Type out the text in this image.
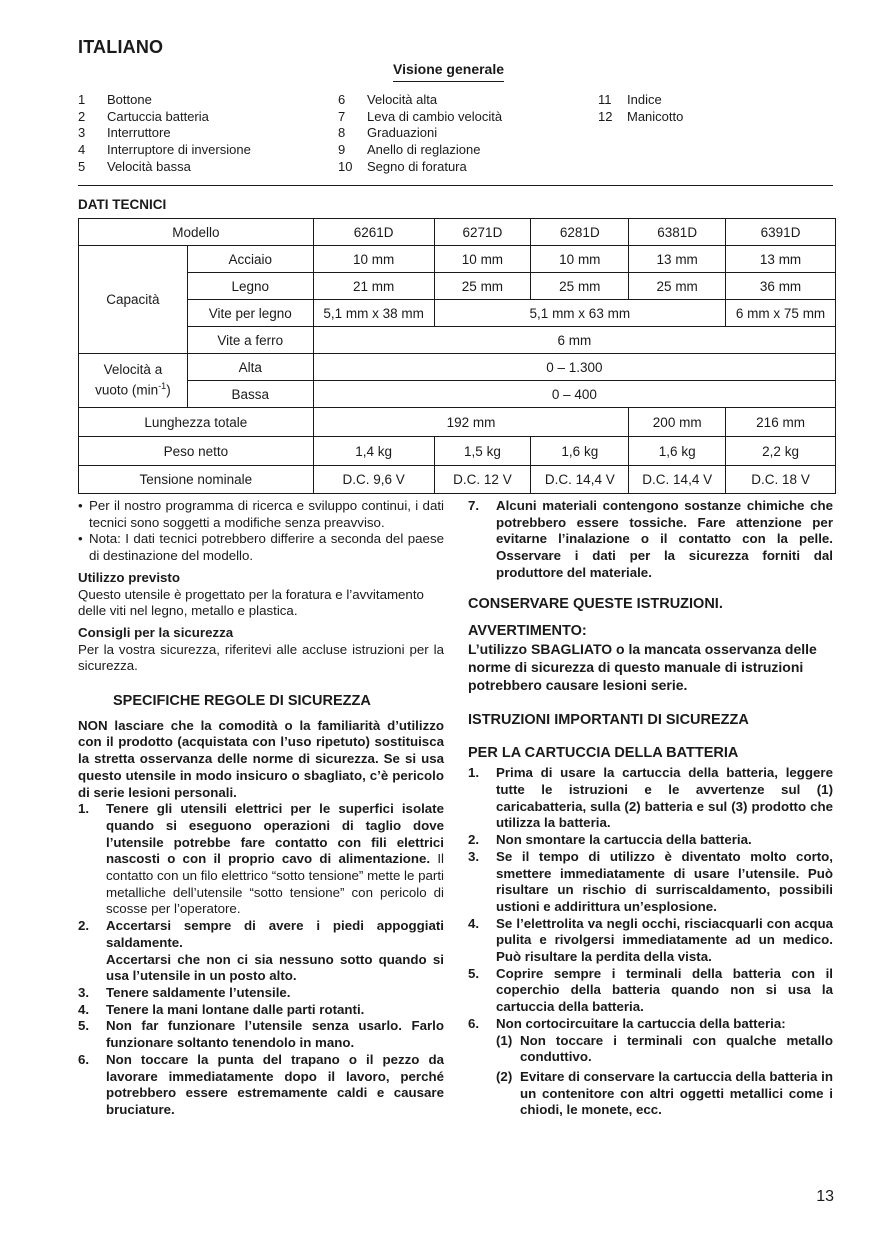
ITALIANO
Visione generale
1 Bottone
2 Cartuccia batteria
3 Interruttore
4 Interruptore di inversione
5 Velocità bassa
6 Velocità alta
7 Leva di cambio velocità
8 Graduazioni
9 Anello di reglazione
10 Segno di foratura
11 Indice
12 Manicotto
DATI TECNICI
Modello		6261D	6271D	6281D	6381D	6391D
Capacità	Acciaio	10 mm	10 mm	10 mm	13 mm	13 mm
	Legno	21 mm	25 mm	25 mm	25 mm	36 mm
	Vite per legno	5,1 mm x 38 mm	5,1 mm x 63 mm			6 mm x 75 mm
	Vite a ferro	6 mm				
Velocità a
vuoto $(\min^{-1})$	Alta	0 – 1.300				
	Bassa	0 – 400				
Lunghezza totale		192 mm			200 mm	216 mm
Peso netto		1,4 kg	1,5 kg	1,6 kg	1,6 kg	2,2 kg
Tensione nominale		D.C. 9,6 V	D.C. 12 V	D.C. 14,4 V	D.C. 14,4 V	D.C. 18 V
• Per il nostro programma di ricerca e sviluppo continui, i dati tecnici sono soggetti a modifiche senza preavviso.
• Nota: I dati tecnici potrebbero differire a seconda del paese di destinazione del modello.
Utilizzo previsto
Questo utensile è progettato per la foratura e l’avvitamento delle viti nel legno, metallo e plastica.
Consigli per la sicurezza
Per la vostra sicurezza, riferitevi alle accluse istruzioni per la sicurezza.
SPECIFICHE REGOLE DI SICUREZZA
NON lasciare che la comodità o la familiarità d’utilizzo con il prodotto (acquistata con l’uso ripetuto) sostituisca la stretta osservanza delle norme di sicurezza. Se si usa questo utensile in modo insicuro o sbagliato, c’è pericolo di serie lesioni personali.
1. Tenere gli utensili elettrici per le superfici isolate quando si eseguono operazioni di taglio dove l’utensile potrebbe fare contatto con fili elettrici nascosti o con il proprio cavo di alimentazione. Il contatto con un filo elettrico “sotto tensione” mette le parti metalliche dell’utensile “sotto tensione” con pericolo di scosse per l’operatore.
2. Accertarsi sempre di avere i piedi appoggiati saldamente.
Accertarsi che non ci sia nessuno sotto quando si usa l’utensile in un posto alto.
3. Tenere saldamente l’utensile.
4. Tenere la mani lontane dalle parti rotanti.
5. Non far funzionare l’utensile senza usarlo. Farlo funzionare soltanto tenendolo in mano.
6. Non toccare la punta del trapano o il pezzo da lavorare immediatamente dopo il lavoro, perché potrebbero essere estremamente caldi e causare bruciature.
7. Alcuni materiali contengono sostanze chimiche che potrebbero essere tossiche. Fare attenzione per evitarne l’inalazione o il contatto con la pelle. Osservare i dati per la sicurezza forniti dal produttore del materiale.
CONSERVARE QUESTE ISTRUZIONI.
AVVERTIMENTO:
L’utilizzo SBAGLIATO o la mancata osservanza delle norme di sicurezza di questo manuale di istruzioni potrebbero causare lesioni serie.
ISTRUZIONI IMPORTANTI DI SICUREZZA
PER LA CARTUCCIA DELLA BATTERIA
1. Prima di usare la cartuccia della batteria, leggere tutte le istruzioni e le avvertenze sul (1) caricabatteria, sulla (2) batteria e sul (3) prodotto che utilizza la batteria.
2. Non smontare la cartuccia della batteria.
3. Se il tempo di utilizzo è diventato molto corto, smettere immediatamente di usare l’utensile. Può risultare un rischio di surriscaldamento, possibili ustioni e addirittura un’esplosione.
4. Se l’elettrolita va negli occhi, risciacquarli con acqua pulita e rivolgersi immediatamente ad un medico. Può risultare la perdita della vista.
5. Coprire sempre i terminali della batteria con il coperchio della batteria quando non si usa la cartuccia della batteria.
6. Non cortocircuitare la cartuccia della batteria:
(1) Non toccare i terminali con qualche metallo conduttivo.
(2) Evitare di conservare la cartuccia della batteria in un contenitore con altri oggetti metallici come i chiodi, le monete, ecc.
13
